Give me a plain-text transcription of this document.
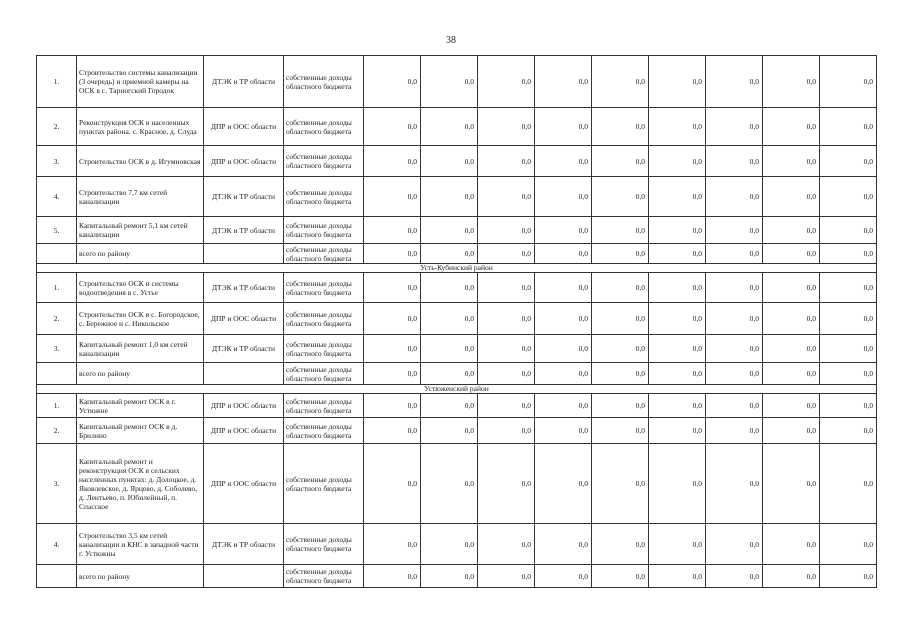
38
1.	Строительство системы канализации (3 очередь) и приемной камеры на ОСК в с. Тарногский Городок	ДТЭК и ТР области	собственные доходы областного бюджета	0,0	0,0	0,0	0,0	0,0	0,0	0,0	0,0	0,0
2.	Реконструкция ОСК в населенных пунктах района. с. Красное, д. Слуда	ДПР и ООС области	собственные доходы областного бюджета	0,0	0,0	0,0	0,0	0,0	0,0	0,0	0,0	0,0
3.	Строительство ОСК в д. Игумновская	ДПР и ООС области	собственные доходы областного бюджета	0,0	0,0	0,0	0,0	0,0	0,0	0,0	0,0	0,0
4.	Строительство 7,7 км сетей канализации	ДТЭК и ТР области	собственные доходы областного бюджета	0,0	0,0	0,0	0,0	0,0	0,0	0,0	0,0	0,0
5.	Капитальный ремонт 5,1 км сетей канализации	ДТЭК и ТР области	собственные доходы областного бюджета	0,0	0,0	0,0	0,0	0,0	0,0	0,0	0,0	0,0
	всего по району		собственные доходы областного бюджета	0,0	0,0	0,0	0,0	0,0	0,0	0,0	0,0	0,0
Усть-Кубинский район												
1.	Строительство ОСК и системы водоотведения в с. Устье	ДТЭК и ТР области	собственные доходы областного бюджета	0,0	0,0	0,0	0,0	0,0	0,0	0,0	0,0	0,0
2.	Строительство ОСК в с. Богородское, с. Бережное и с. Никольское	ДПР и ООС области	собственные доходы областного бюджета	0,0	0,0	0,0	0,0	0,0	0,0	0,0	0,0	0,0
3.	Капитальный ремонт 1,0 км сетей канализации	ДТЭК и ТР области	собственные доходы областного бюджета	0,0	0,0	0,0	0,0	0,0	0,0	0,0	0,0	0,0
	всего по району		собственные доходы областного бюджета	0,0	0,0	0,0	0,0	0,0	0,0	0,0	0,0	0,0
Устюженский район												
1.	Капитальный ремонт ОСК в г. Устюжне	ДПР и ООС области	собственные доходы областного бюджета	0,0	0,0	0,0	0,0	0,0	0,0	0,0	0,0	0,0
2.	Капитальный ремонт ОСК в д. Брилино	ДПР и ООС области	собственные доходы областного бюджета	0,0	0,0	0,0	0,0	0,0	0,0	0,0	0,0	0,0
3.	Капитальный ремонт и реконструкция ОСК в сельских населенных пунктах: д. Долоцкое, д. Яковлевское, д. Ярцево, д. Соболево, д. Лентьево, п. Юбилейный, п. Спасское	ДПР и ООС области	собственные доходы областного бюджета	0,0	0,0	0,0	0,0	0,0	0,0	0,0	0,0	0,0
4.	Строительство 3,5 км сетей канализации и КНС в западной части г. Устюжны	ДТЭК и ТР области	собственные доходы областного бюджета	0,0	0,0	0,0	0,0	0,0	0,0	0,0	0,0	0,0
	всего по району		собственные доходы областного бюджета	0,0	0,0	0,0	0,0	0,0	0,0	0,0	0,0	0,0
